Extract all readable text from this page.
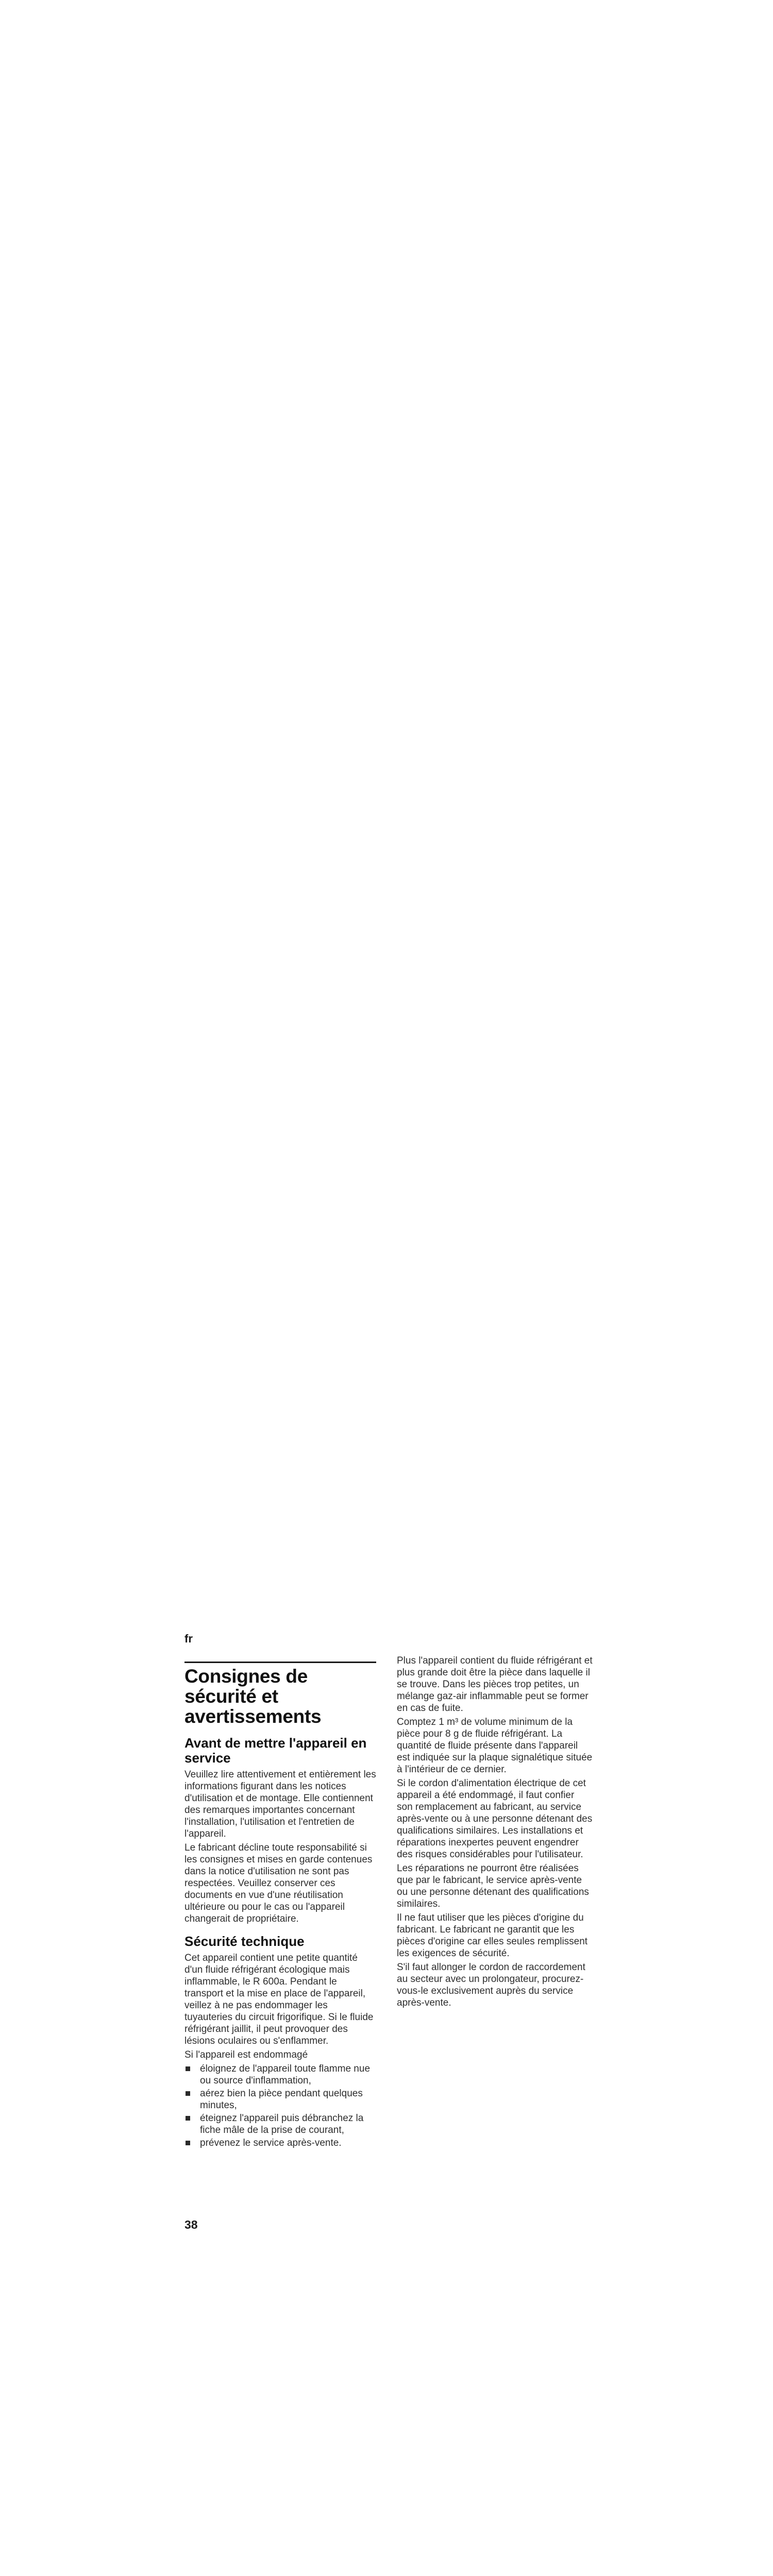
fr
Consignes de sécurité et avertissements
Avant de mettre l'appareil en service

Veuillez lire attentivement et entièrement les informations figurant dans les notices d'utilisation et de montage. Elle contiennent des remarques importantes concernant l'installation, l'utilisation et l'entretien de l'appareil.

Le fabricant décline toute responsabilité si les consignes et mises en garde contenues dans la notice d'utilisation ne sont pas respectées. Veuillez conserver ces documents en vue d'une réutilisation ultérieure ou pour le cas ou l'appareil changerait de propriétaire.

Sécurité technique

Cet appareil contient une petite quantité d'un fluide réfrigérant écologique mais inflammable, le R 600a. Pendant le transport et la mise en place de l'appareil, veillez à ne pas endommager les tuyauteries du circuit frigorifique. Si le fluide réfrigérant jaillit, il peut provoquer des lésions oculaires ou s'enflammer.

Si l'appareil est endommagé

éloignez de l'appareil toute flamme nue ou source d'inflammation,
aérez bien la pièce pendant quelques minutes,
éteignez l'appareil puis débranchez la fiche mâle de la prise de courant,
prévenez le service après-vente.

Plus l'appareil contient du fluide réfrigérant et plus grande doit être la pièce dans laquelle il se trouve. Dans les pièces trop petites, un mélange gaz-air inflammable peut se former en cas de fuite.

Comptez 1 m³ de volume minimum de la pièce pour 8 g de fluide réfrigérant. La quantité de fluide présente dans l'appareil est indiquée sur la plaque signalétique située à l'intérieur de ce dernier.

Si le cordon d'alimentation électrique de cet appareil a été endommagé, il faut confier son remplacement au fabricant, au service après-vente ou à une personne détenant des qualifications similaires. Les installations et réparations inexpertes peuvent engendrer des risques considérables pour l'utilisateur.

Les réparations ne pourront être réalisées que par le fabricant, le service après-vente ou une personne détenant des qualifications similaires.

Il ne faut utiliser que les pièces d'origine du fabricant. Le fabricant ne garantit que les pièces d'origine car elles seules remplissent les exigences de sécurité.

S'il faut allonger le cordon de raccordement au secteur avec un prolongateur, procurez-vous-le exclusivement auprès du service après-vente.

38
